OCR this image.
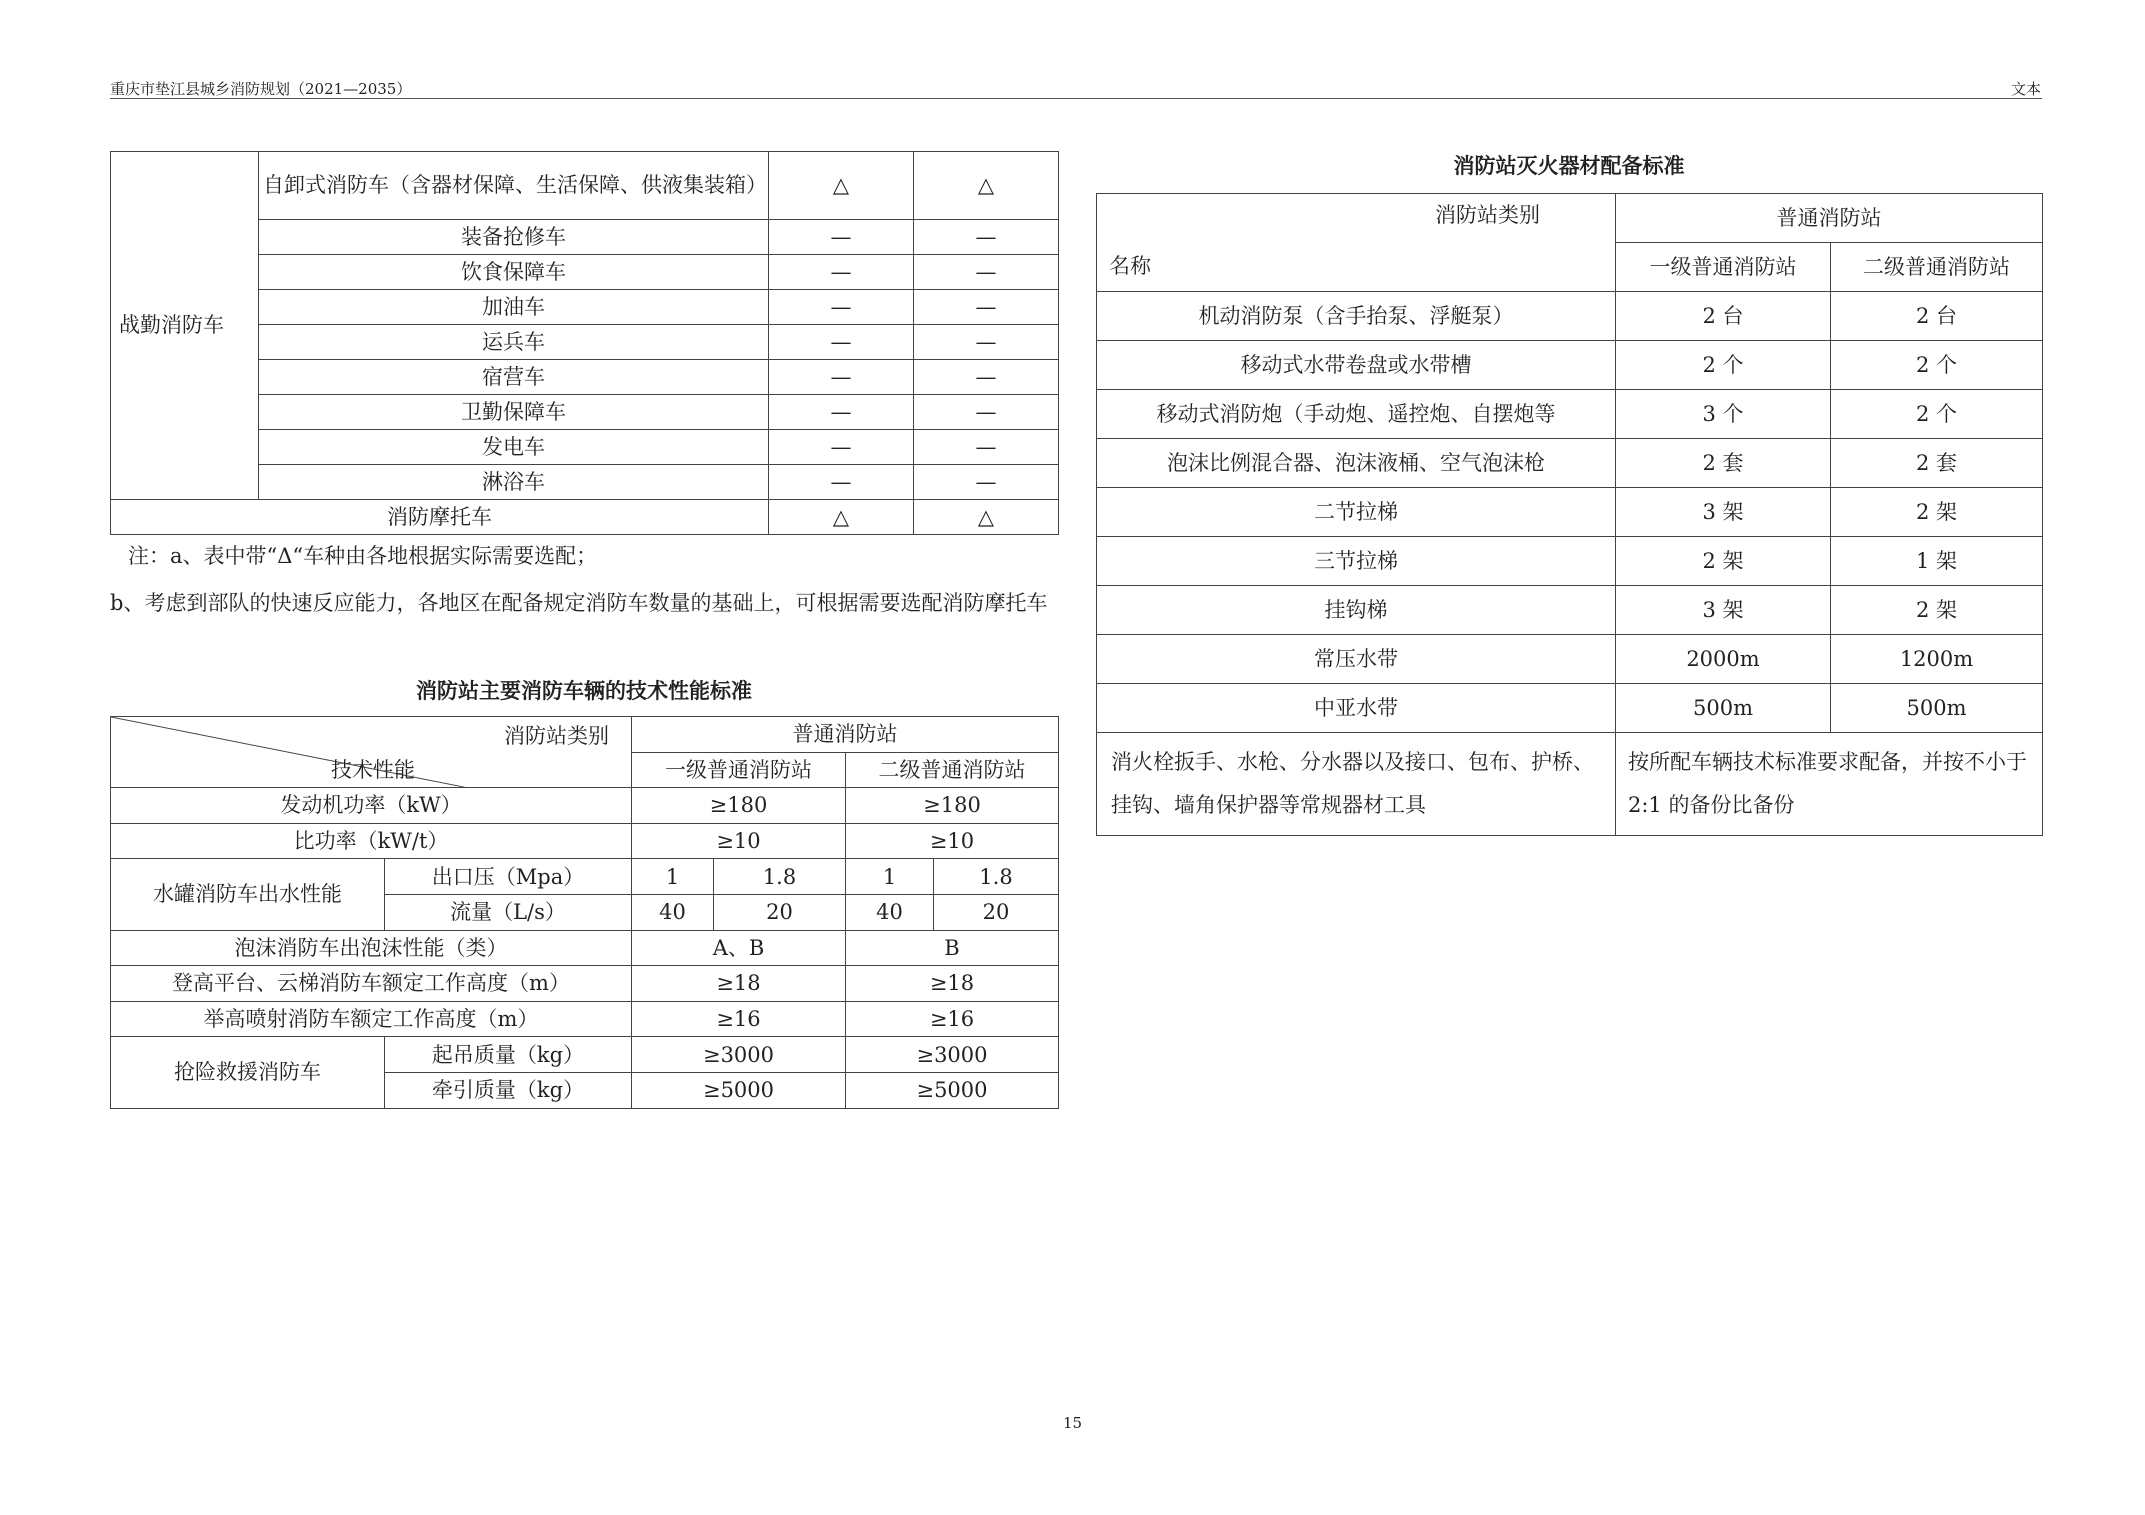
重庆市垫江县城乡消防规划（2021—2035）	文本
战勤消防车	自卸式消防车（含器材保障、生活保障、供液集装箱）	△	△
	装备抢修车	—	—
	饮食保障车	—	—
	加油车	—	—
	运兵车	—	—
	宿营车	—	—
	卫勤保障车	—	—
	发电车	—	—
	淋浴车	—	—
消防摩托车		△	△
注：a、表中带“Δ“车种由各地根据实际需要选配；
b、考虑到部队的快速反应能力，各地区在配备规定消防车数量的基础上，可根据需要选配消防摩托车
消防站主要消防车辆的技术性能标准
消防站类别
技术性能		普通消防站			
		一级普通消防站		二级普通消防站	
发动机功率（kW）		≥180		≥180	
比功率（kW/t）		≥10		≥10	
水罐消防车出水性能	出口压（Mpa）	1	1.8	1	1.8
	流量（L/s）	40	20	40	20
泡沫消防车出泡沫性能（类）		A、B		B	
登高平台、云梯消防车额定工作高度（m）		≥18		≥18	
举高喷射消防车额定工作高度（m）		≥16		≥16	
抢险救援消防车	起吊质量（kg）	≥3000		≥3000	
	牵引质量（kg）	≥5000		≥5000	
消防站灭火器材配备标准
消防站类别
名称	普通消防站	
	一级普通消防站	二级普通消防站
机动消防泵（含手抬泵、浮艇泵）	2 台	2 台
移动式水带卷盘或水带槽	2 个	2 个
移动式消防炮（手动炮、遥控炮、自摆炮等	3 个	2 个
泡沫比例混合器、泡沫液桶、空气泡沫枪	2 套	2 套
二节拉梯	3 架	2 架
三节拉梯	2 架	1 架
挂钩梯	3 架	2 架
常压水带	2000m	1200m
中亚水带	500m	500m
消火栓扳手、水枪、分水器以及接口、包布、护桥、挂钩、墙角保护器等常规器材工具	按所配车辆技术标准要求配备，并按不小于2:1 的备份比备份	
15
